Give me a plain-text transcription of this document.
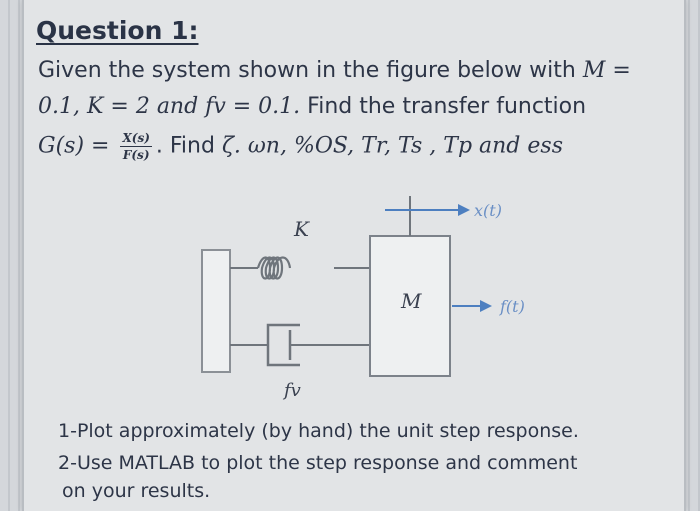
Question 1:
Given the system shown in the figure below with M =
0.1, K = 2 and fv = 0.1. Find the transfer function
$G(s) = \frac{X(s)}{F(s)}$ . Find ζ. ωn, %OS, Tr, Ts , Tp and ess
K
fv
M
x(t)
f(t)
1-Plot approximately (by hand) the unit step response.
2-Use MATLAB to plot the step response and comment
on your results.
